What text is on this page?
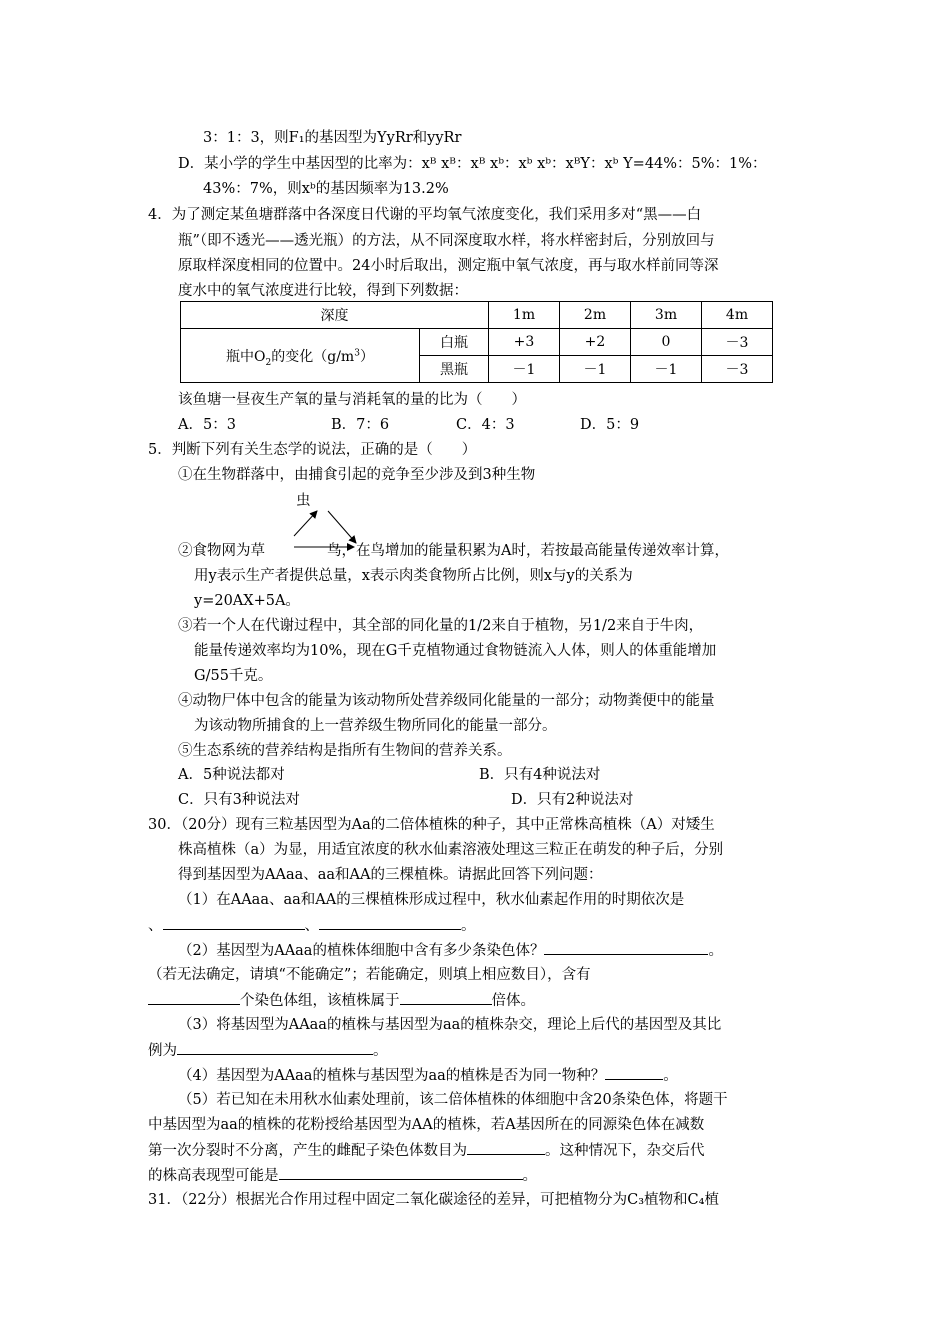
3：1：3，则F₁的基因型为YyRr和yyRr
D．某小学的学生中基因型的比率为：xᴮ xᴮ：xᴮ xᵇ：xᵇ xᵇ：xᴮY：xᵇ Y=44%：5%：1%：
43%：7%，则xᵇ的基因频率为13.2%
4．为了测定某鱼塘群落中各深度日代谢的平均氧气浓度变化，我们采用多对“黑——白
瓶”（即不透光——透光瓶）的方法，从不同深度取水样，将水样密封后，分别放回与
原取样深度相同的位置中。24小时后取出，测定瓶中氧气浓度，再与取水样前同等深
度水中的氧气浓度进行比较，得到下列数据：
深度		1m	2m	3m	4m
瓶中$O_2$的变化$(g/m^3)$	白瓶	+3	+2	0	－3
	黑瓶	－1	－1	－1	－3
该鱼塘一昼夜生产氧的量与消耗氧的量的比为（　　）
A．5：3	B．7：6	C．4：3	D．5：9
5．判断下列有关生态学的说法，正确的是（　　）
①在生物群落中，由捕食引起的竞争至少涉及到3种生物
虫
②食物网为草	鸟，在鸟增加的能量积累为A时，若按最高能量传递效率计算，
用y表示生产者提供总量，x表示肉类食物所占比例，则x与y的关系为
y=20AX+5A。
③若一个人在代谢过程中，其全部的同化量的1/2来自于植物，另1/2来自于牛肉，
能量传递效率均为10%，现在G千克植物通过食物链流入人体，则人的体重能增加
G/55千克。
④动物尸体中包含的能量为该动物所处营养级同化能量的一部分；动物粪便中的能量
为该动物所捕食的上一营养级生物所同化的能量一部分。
⑤生态系统的营养结构是指所有生物间的营养关系。
A．5种说法都对	B．只有4种说法对
C．只有3种说法对	D．只有2种说法对
30．（20分）现有三粒基因型为Aa的二倍体植株的种子，其中正常株高植株（A）对矮生
株高植株（a）为显，用适宜浓度的秋水仙素溶液处理这三粒正在萌发的种子后，分别
得到基因型为AAaa、aa和AA的三棵植株。请据此回答下列问题：
（1）在AAaa、aa和AA的三棵植株形成过程中，秋水仙素起作用的时期依次是
、	、	。
（2）基因型为AAaa的植株体细胞中含有多少条染色体？	。
（若无法确定，请填“不能确定”；若能确定，则填上相应数目），含有
个染色体组，该植株属于	倍体。
（3）将基因型为AAaa的植株与基因型为aa的植株杂交，理论上后代的基因型及其比
例为	。
（4）基因型为AAaa的植株与基因型为aa的植株是否为同一物种？	。
（5）若已知在未用秋水仙素处理前，该二倍体植株的体细胞中含20条染色体，将题干
中基因型为aa的植株的花粉授给基因型为AA的植株，若A基因所在的同源染色体在减数
第一次分裂时不分离，产生的雌配子染色体数目为	。这种情况下，杂交后代
的株高表现型可能是	。
31．（22分）根据光合作用过程中固定二氧化碳途径的差异，可把植物分为C₃植物和C₄植
